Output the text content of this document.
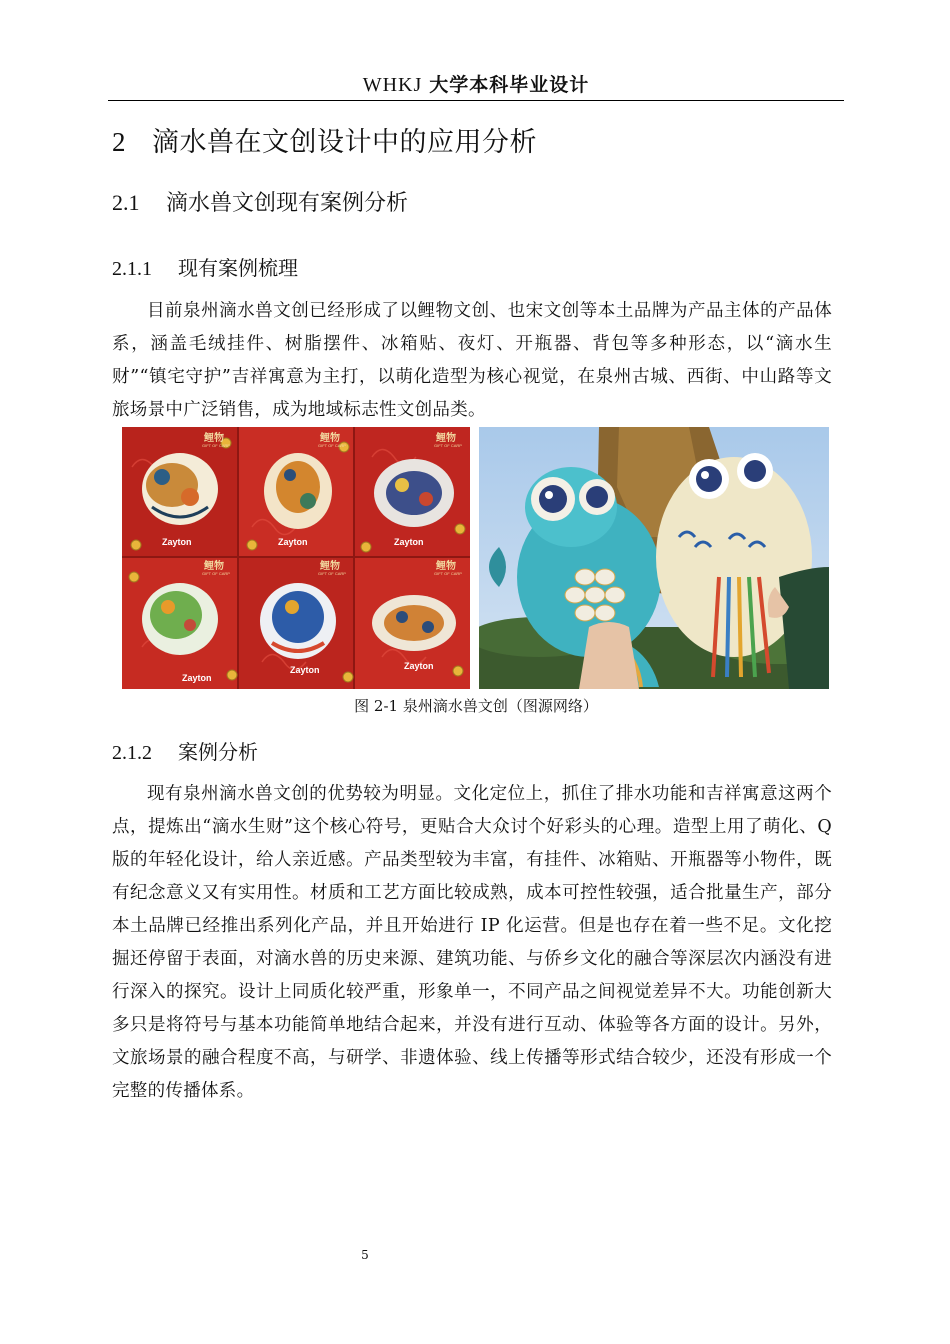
WHKJ 大学本科毕业设计
2 滴水兽在文创设计中的应用分析
2.1 滴水兽文创现有案例分析
2.1.1 现有案例梳理
目前泉州滴水兽文创已经形成了以鲤物文创、也宋文创等本土品牌为产品主体的产品体系，涵盖毛绒挂件、树脂摆件、冰箱贴、夜灯、开瓶器、背包等多种形态，以“滴水生财”“镇宅守护”吉祥寓意为主打，以萌化造型为核心视觉，在泉州古城、西街、中山路等文旅场景中广泛销售，成为地域标志性文创品类。
鲤物	鲤物	鲤物
鲤物	鲤物	鲤物
GIFT OF CARP	GIFT OF CARP	GIFT OF CARP
GIFT OF CARP	GIFT OF CARP	GIFT OF CARP
Zayton	Zayton	Zayton
Zayton
Zayton	Zayton
图 2-1 泉州滴水兽文创（图源网络）
2.1.2 案例分析
现有泉州滴水兽文创的优势较为明显。文化定位上，抓住了排水功能和吉祥寓意这两个点，提炼出“滴水生财”这个核心符号，更贴合大众讨个好彩头的心理。造型上用了萌化、Q 版的年轻化设计，给人亲近感。产品类型较为丰富，有挂件、冰箱贴、开瓶器等小物件，既有纪念意义又有实用性。材质和工艺方面比较成熟，成本可控性较强，适合批量生产，部分本土品牌已经推出系列化产品，并且开始进行 IP 化运营。但是也存在着一些不足。文化挖掘还停留于表面，对滴水兽的历史来源、建筑功能、与侨乡文化的融合等深层次内涵没有进行深入的探究。设计上同质化较严重，形象单一，不同产品之间视觉差异不大。功能创新大多只是将符号与基本功能简单地结合起来，并没有进行互动、体验等各方面的设计。另外，文旅场景的融合程度不高，与研学、非遗体验、线上传播等形式结合较少，还没有形成一个完整的传播体系。
5
